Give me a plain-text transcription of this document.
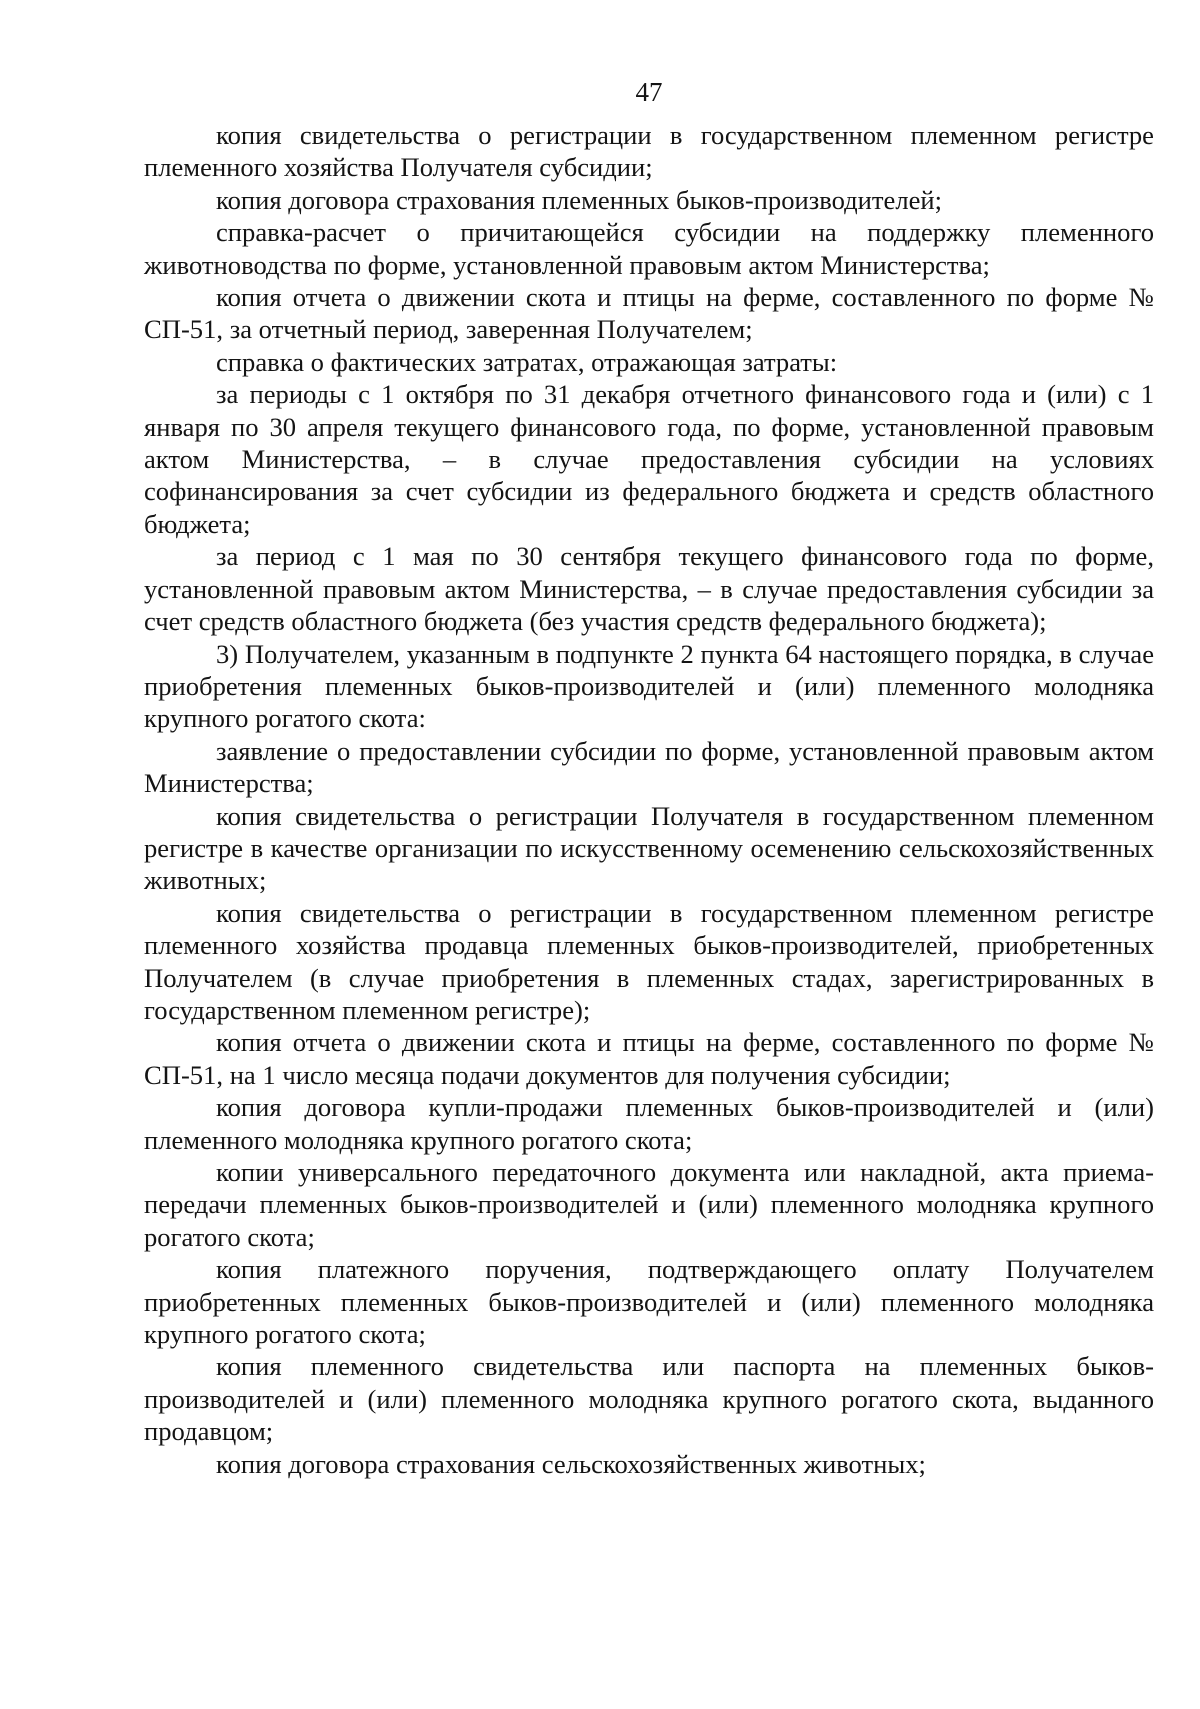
47

копия свидетельства о регистрации в государственном племенном регистре племенного хозяйства Получателя субсидии;

копия договора страхования племенных быков-производителей;

справка-расчет о причитающейся субсидии на поддержку племенного животноводства по форме, установленной правовым актом Министерства;

копия отчета о движении скота и птицы на ферме, составленного по форме № СП-51, за отчетный период, заверенная Получателем;

справка о фактических затратах, отражающая затраты:

за периоды с 1 октября по 31 декабря отчетного финансового года и (или) с 1 января по 30 апреля текущего финансового года, по форме, установленной правовым актом Министерства, – в случае предоставления субсидии на условиях софинансирования за счет субсидии из федерального бюджета и средств областного бюджета;

за период с 1 мая по 30 сентября текущего финансового года по форме, установленной правовым актом Министерства, – в случае предоставления субсидии за счет средств областного бюджета (без участия средств федерального бюджета);

3) Получателем, указанным в подпункте 2 пункта 64 настоящего порядка, в случае приобретения племенных быков-производителей и (или) племенного молодняка крупного рогатого скота:

заявление о предоставлении субсидии по форме, установленной правовым актом Министерства;

копия свидетельства о регистрации Получателя в государственном племенном регистре в качестве организации по искусственному осеменению сельскохозяйственных животных;

копия свидетельства о регистрации в государственном племенном регистре племенного хозяйства продавца племенных быков-производителей, приобретенных Получателем (в случае приобретения в племенных стадах, зарегистрированных в государственном племенном регистре);

копия отчета о движении скота и птицы на ферме, составленного по форме № СП-51, на 1 число месяца подачи документов для получения субсидии;

копия договора купли-продажи племенных быков-производителей и (или) племенного молодняка крупного рогатого скота;

копии универсального передаточного документа или накладной, акта приема-передачи племенных быков-производителей и (или) племенного молодняка крупного рогатого скота;

копия платежного поручения, подтверждающего оплату Получателем приобретенных племенных быков-производителей и (или) племенного молодняка крупного рогатого скота;

копия племенного свидетельства или паспорта на племенных быков-производителей и (или) племенного молодняка крупного рогатого скота, выданного продавцом;

копия договора страхования сельскохозяйственных животных;
